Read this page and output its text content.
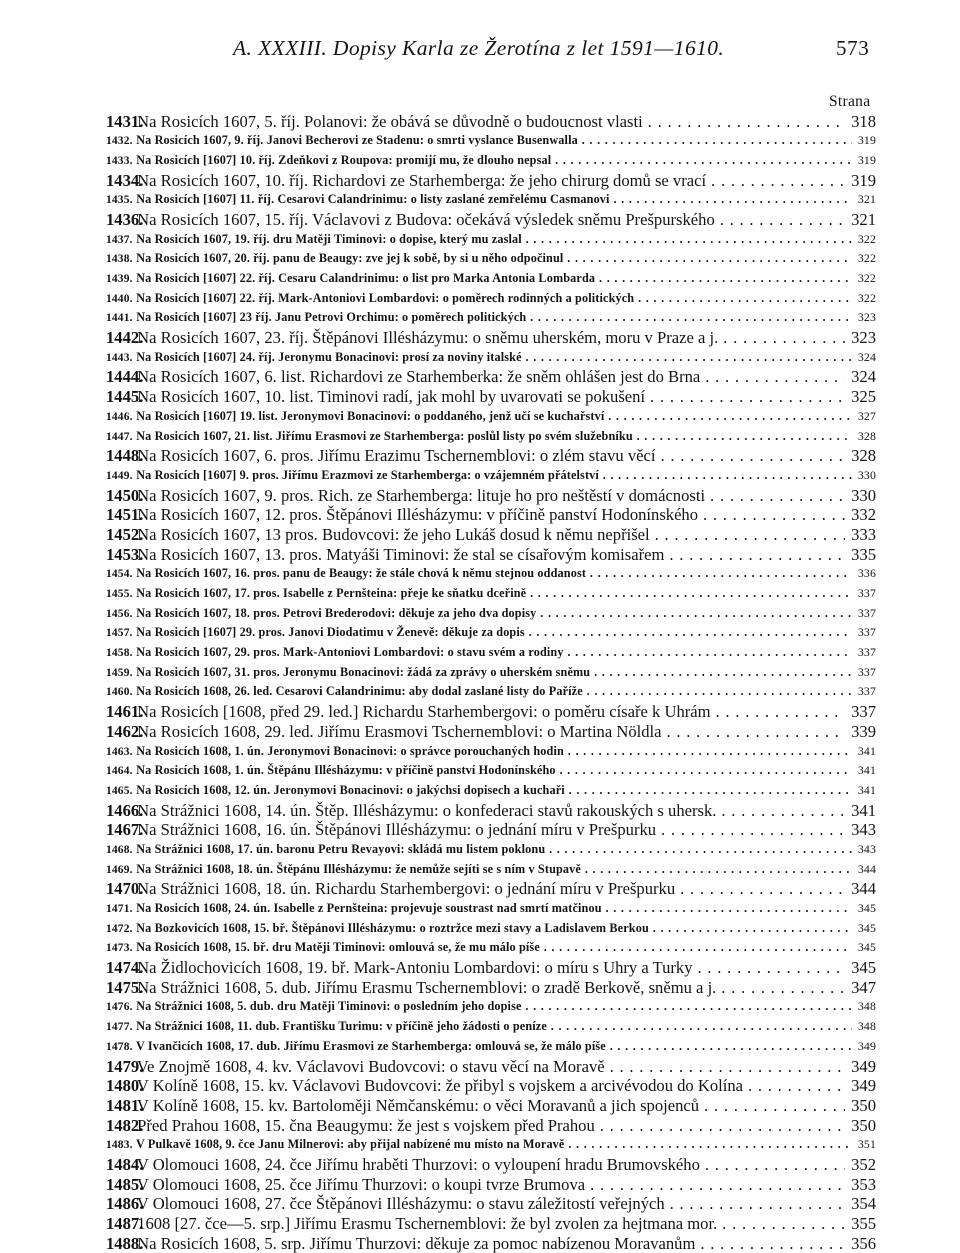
A. XXXIII. Dopisy Karla ze Žerotína z let 1591—1610.	573
Strana
1431. Na Rosicích 1607, 5. říj. Polanovi: že obává se důvodně o budoucnost vlasti . . .	318
1432. Na Rosicích 1607, 9. říj. Janovi Becherovi ze Stadenu: o smrti vyslance Busenwalla . . .	319
1433. Na Rosicích [1607] 10. říj. Zdeňkovi z Roupova: promijí mu, že dlouho nepsal . . .	319
1434. Na Rosicích 1607, 10. říj. Richardovi ze Starhemberga: že jeho chirurg domů se vrací . . .	319
1435. Na Rosicích [1607] 11. říj. Cesarovi Calandrinimu: o listy zaslané zemřelému Casmanovi . . .	321
1436. Na Rosicích 1607, 15. říj. Václavovi z Budova: očekává výsledek sněmu Prešpurského . . .	321
1437. Na Rosicích 1607, 19. říj. dru Matěji Timinovi: o dopise, který mu zaslal . . .	322
1438. Na Rosicích 1607, 20. říj. panu de Beaugy: zve jej k sobě, by si u něho odpočinul . . .	322
1439. Na Rosicích [1607] 22. říj. Cesaru Calandrinimu: o list pro Marka Antonia Lombarda . . .	322
1440. Na Rosicích [1607] 22. říj. Mark-Antoniovi Lombardovi: o poměrech rodinných a politických . . .	322
1441. Na Rosicích [1607] 23 říj. Janu Petrovi Orchimu: o poměrech politických . . .	323
1442. Na Rosicích 1607, 23. říj. Štěpánovi Illésházymu: o sněmu uherském, moru v Praze a j. . . .	323
1443. Na Rosicích [1607] 24. říj. Jeronymu Bonacinovi: prosí za noviny italské . . .	324
1444. Na Rosicích 1607, 6. list. Richardovi ze Starhemberka: že sněm ohlášen jest do Brna . . .	324
1445. Na Rosicích 1607, 10. list. Timinovi radí, jak mohl by uvarovati se pokušení . . .	325
1446. Na Rosicích [1607] 19. list. Jeronymovi Bonacinovi: o poddaného, jenž učí se kuchařství . . .	327
1447. Na Rosicích 1607, 21. list. Jiřímu Erasmovi ze Starhemberga: poslůl listy po svém služebníku . . .	328
1448. Na Rosicích 1607, 6. pros. Jiřímu Erazimu Tschernemblovi: o zlém stavu věcí . . .	328
1449. Na Rosicích [1607] 9. pros. Jiřímu Erazmovi ze Starhemberga: o vzájemném přátelství . . .	330
1450. Na Rosicích 1607, 9. pros. Rich. ze Starhemberga: lituje ho pro neštěstí v domácnosti . . .	330
1451. Na Rosicích 1607, 12. pros. Štěpánovi Illésházymu: v příčině panství Hodonínského . . .	332
1452. Na Rosicích 1607, 13 pros. Budovcovi: že jeho Lukáš dosud k němu nepřišel . . .	333
1453. Na Rosicích 1607, 13. pros. Matyáši Timinovi: že stal se císařovým komisařem . . .	335
1454. Na Rosicích 1607, 16. pros. panu de Beaugy: že stále chová k němu stejnou oddanost . . .	336
1455. Na Rosicích 1607, 17. pros. Isabelle z Pernšteina: přeje ke sňatku dceřině . . .	337
1456. Na Rosicích 1607, 18. pros. Petrovi Brederodovi: děkuje za jeho dva dopisy . . .	337
1457. Na Rosicích [1607] 29. pros. Janovi Diodatimu v Ženevě: děkuje za dopis . . .	337
1458. Na Rosicích 1607, 29. pros. Mark-Antoniovi Lombardovi: o stavu svém a rodiny . . .	337
1459. Na Rosicích 1607, 31. pros. Jeronymu Bonacinovi: žádá za zprávy o uherském sněmu . . .	337
1460. Na Rosicích 1608, 26. led. Cesarovi Calandrinimu: aby dodal zaslané listy do Paříže . . .	337
1461. Na Rosicích [1608, před 29. led.] Richardu Starhembergovi: o poměru císaře k Uhrám . . .	337
1462. Na Rosicích 1608, 29. led. Jiřímu Erasmovi Tschernemblovi: o Martina Nöldla . . .	339
1463. Na Rosicích 1608, 1. ún. Jeronymovi Bonacinovi: o správce porouchaných hodin . . .	341
1464. Na Rosicích 1608, 1. ún. Štěpánu Illésházymu: v příčině panství Hodonínského . . .	341
1465. Na Rosicích 1608, 12. ún. Jeronymovi Bonacinovi: o jakýchsi dopisech a kuchaři . . .	341
1466. Na Strážnici 1608, 14. ún. Štěp. Illésházymu: o konfederaci stavů rakouských s uhersk. . . .	341
1467. Na Strážnici 1608, 16. ún. Štěpánovi Illésházymu: o jednání míru v Prešpurku . . .	343
1468. Na Strážnici 1608, 17. ún. baronu Petru Revayovi: skládá mu listem poklonu . . .	343
1469. Na Strážnici 1608, 18. ún. Štěpánu Illésházymu: že nemůže sejíti se s ním v Stupavě . . .	344
1470. Na Strážnici 1608, 18. ún. Richardu Starhembergovi: o jednání míru v Prešpurku . . .	344
1471. Na Rosicích 1608, 24. ún. Isabelle z Pernšteina: projevuje soustrast nad smrtí matčinou . . .	345
1472. Na Bozkovicích 1608, 15. bř. Štěpánovi Illésházymu: o roztržce mezi stavy a Ladislavem Berkou . . .	345
1473. Na Rosicích 1608, 15. bř. dru Matěji Timinovi: omlouvá se, že mu málo píše . . .	345
1474. Na Židlochovicích 1608, 19. bř. Mark-Antoniu Lombardovi: o míru s Uhry a Turky . . .	345
1475. Na Strážnici 1608, 5. dub. Jiřímu Erasmu Tschernemblovi: o zradě Berkově, sněmu a j. . . .	347
1476. Na Strážnici 1608, 5. dub. dru Matěji Timinovi: o posledním jeho dopise . . .	348
1477. Na Strážnici 1608, 11. dub. Františku Turimu: v příčině jeho žádosti o peníze . . .	348
1478. V Ivančicích 1608, 17. dub. Jiřímu Erasmovi ze Starhemberga: omlouvá se, že málo píše . . .	349
1479. Ve Znojmě 1608, 4. kv. Václavovi Budovcovi: o stavu věcí na Moravě . . .	349
1480. V Kolíně 1608, 15. kv. Václavovi Budovcovi: že přibyl s vojskem a arcivévodou do Kolína . . .	349
1481. V Kolíně 1608, 15. kv. Bartoloměji Němčanskému: o věci Moravanů a jich spojenců . . .	350
1482. Před Prahou 1608, 15. čna Beaugymu: že jest s vojskem před Prahou . . .	350
1483. V Pulkavě 1608, 9. čce Janu Milnerovi: aby přijal nabízené mu místo na Moravě . . .	351
1484. V Olomouci 1608, 24. čce Jiřímu hraběti Thurzovi: o vyloupení hradu Brumovského . . .	352
1485. V Olomouci 1608, 25. čce Jiřímu Thurzovi: o koupi tvrze Brumova . . .	353
1486. V Olomouci 1608, 27. čce Štěpánovi Illésházymu: o stavu záležitostí veřejných . . .	354
1487. 1608 [27. čce—5. srp.] Jiřímu Erasmu Tschernemblovi: že byl zvolen za hejtmana mor. . . .	355
1488. Na Rosicích 1608, 5. srp. Jiřímu Thurzovi: děkuje za pomoc nabízenou Moravanům . . .	356
